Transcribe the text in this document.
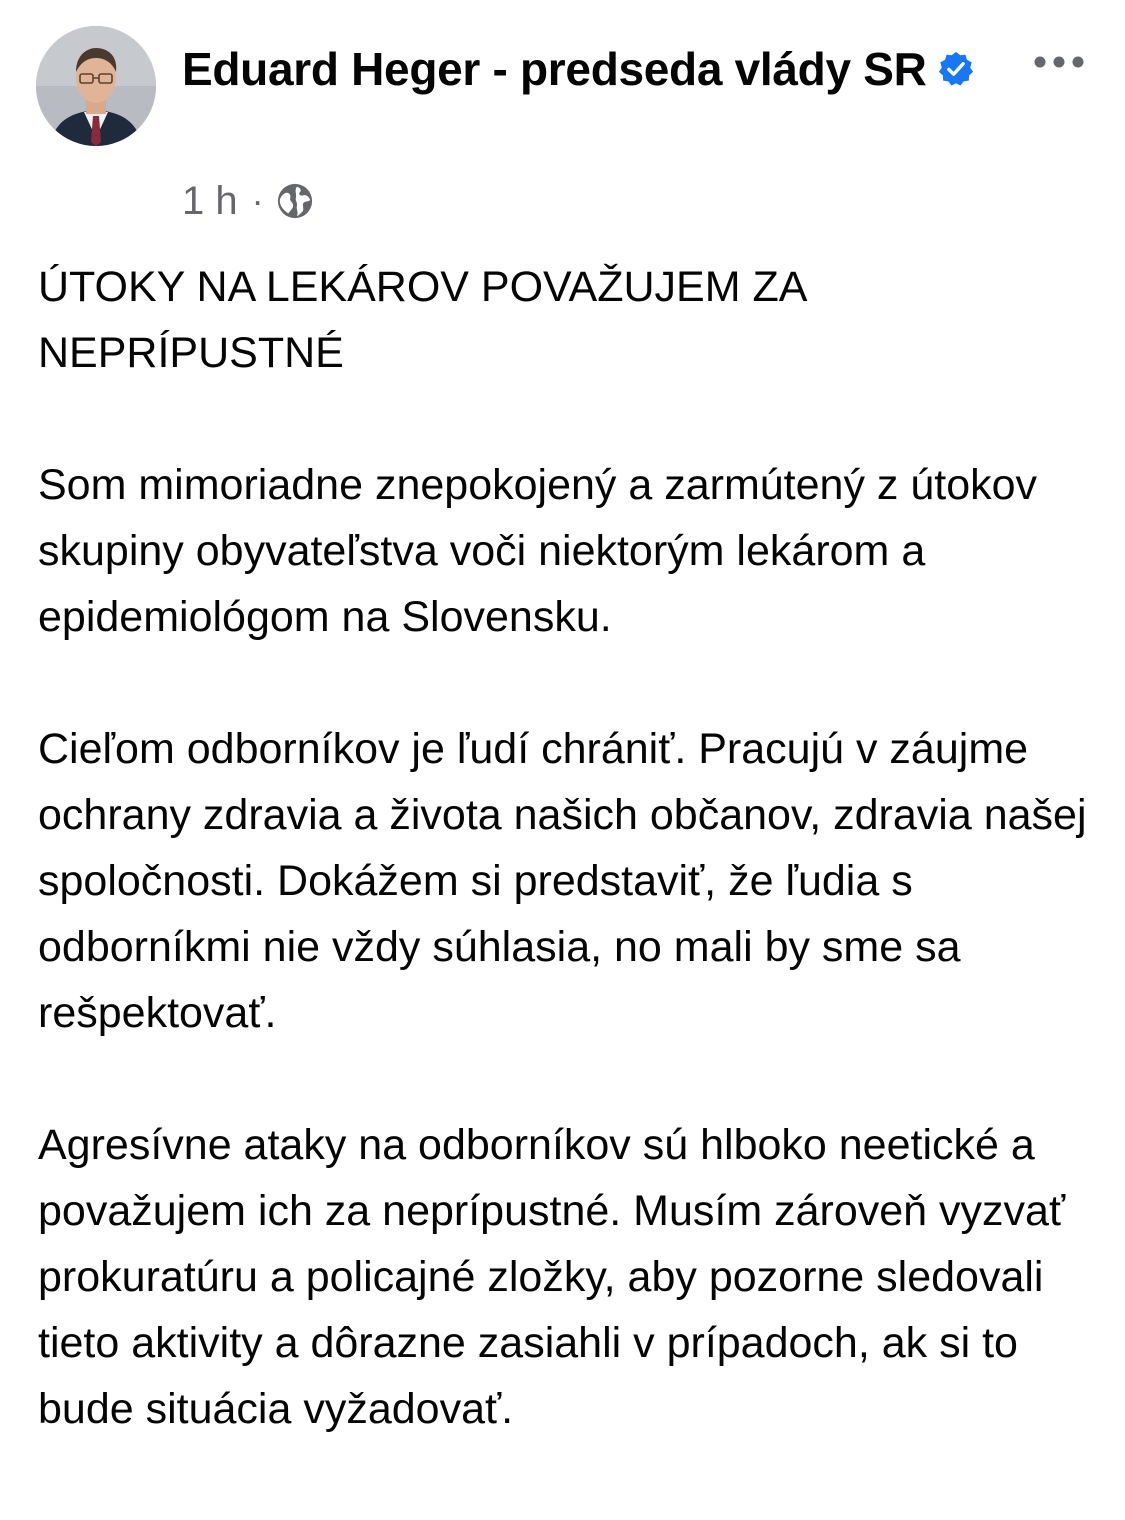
Eduard Heger - predseda vlády SR
1 h ·

ÚTOKY NA LEKÁROV POVAŽUJEM ZA NEPRÍPUSTNÉ

Som mimoriadne znepokojený a zarmútený z útokov skupiny obyvateľstva voči niektorým lekárom a epidemiológom na Slovensku.

Cieľom odborníkov je ľudí chrániť. Pracujú v záujme ochrany zdravia a života našich občanov, zdravia našej spoločnosti. Dokážem si predstaviť, že ľudia s odborníkmi nie vždy súhlasia, no mali by sme sa rešpektovať.

Agresívne ataky na odborníkov sú hlboko neetické a považujem ich za neprípustné. Musím zároveň vyzvať prokuratúru a policajné zložky, aby pozorne sledovali tieto aktivity a dôrazne zasiahli v prípadoch, ak si to bude situácia vyžadovať.
